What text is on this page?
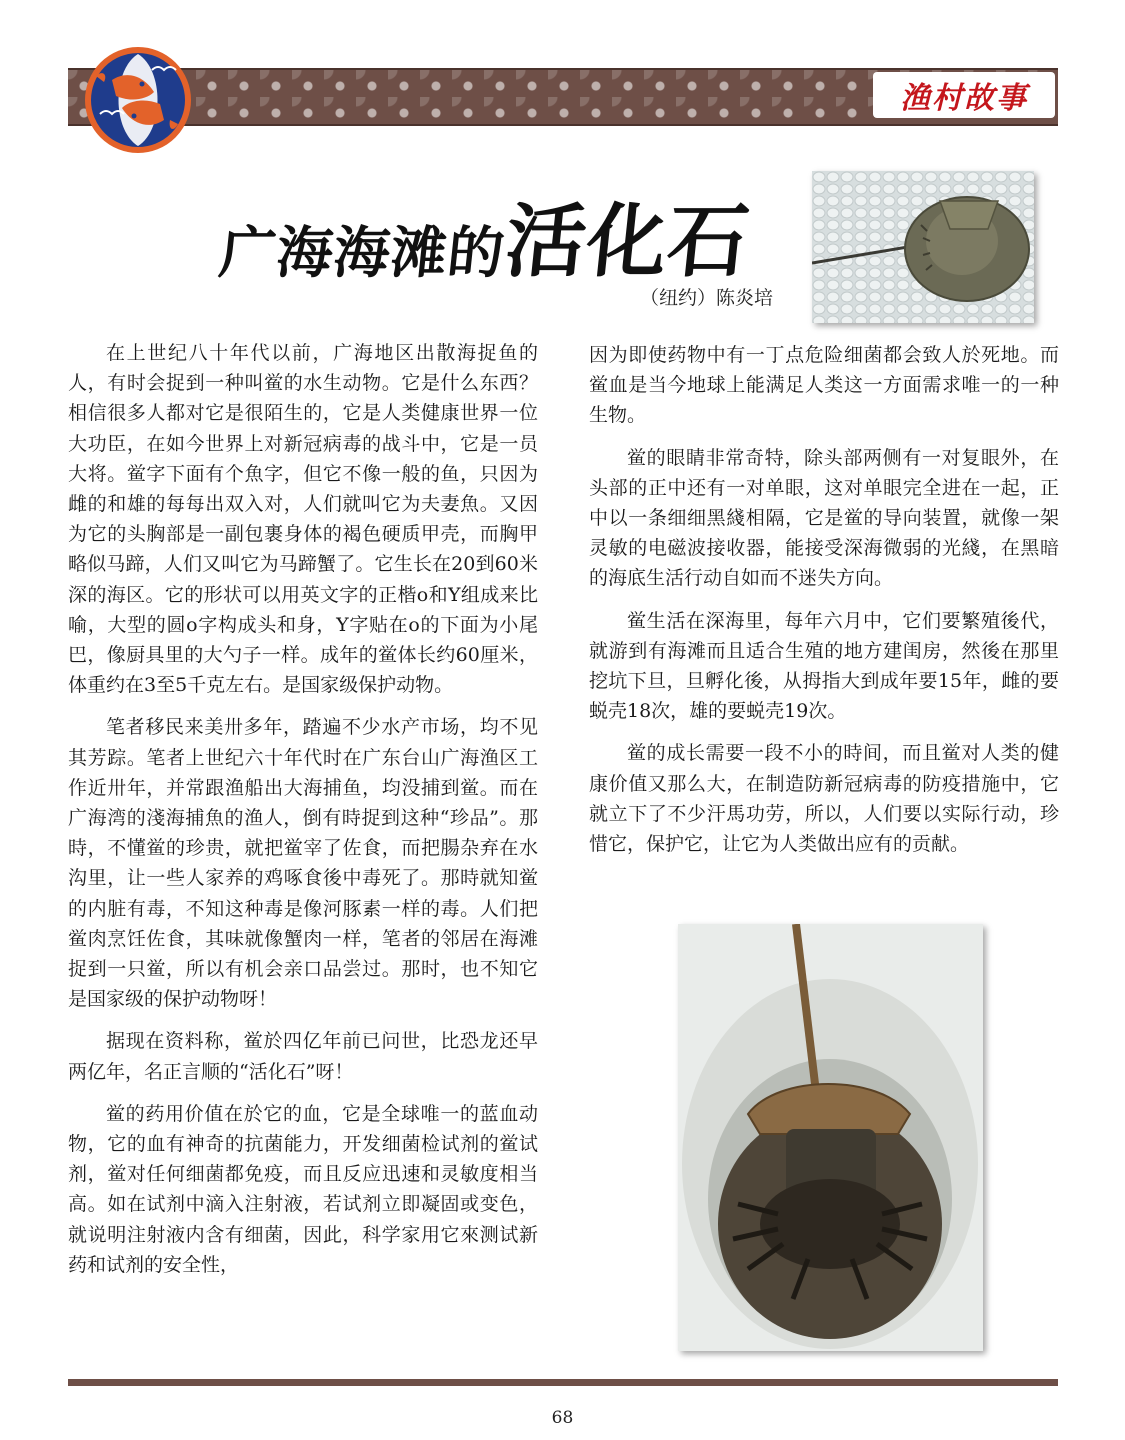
渔村故事
广海海滩的
活化石
（纽约）陈炎培

在上世纪八十年代以前，广海地区出散海捉鱼的人，有时会捉到一种叫鲎的水生动物。它是什么东西？相信很多人都对它是很陌生的，它是人类健康世界一位大功臣，在如今世界上对新冠病毒的战斗中，它是一员大将。鲎字下面有个魚字，但它不像一般的鱼，只因为雌的和雄的每每出双入对，人们就叫它为夫妻魚。又因为它的头胸部是一副包裹身体的褐色硬质甲壳，而胸甲略似马蹄，人们又叫它为马蹄蟹了。它生长在20到60米深的海区。它的形状可以用英文字的正楷o和Y组成来比喻，大型的圆o字构成头和身，Y字贴在o的下面为小尾巴，像厨具里的大勺子一样。成年的鲎体长约60厘米，体重约在3至5千克左右。是国家级保护动物。

笔者移民来美卅多年，踏遍不少水产市场，均不见其芳踪。笔者上世纪六十年代时在广东台山广海渔区工作近卅年，并常跟渔船出大海捕鱼，均没捕到鲎。而在广海湾的淺海捕魚的渔人，倒有時捉到这种“珍品”。那時，不懂鲎的珍贵，就把鲎宰了佐食，而把腸杂弃在水沟里，让一些人家养的鸡啄食後中毒死了。那時就知鲎的内脏有毒，不知这种毒是像河豚素一样的毒。人们把鲎肉烹饪佐食，其味就像蟹肉一样，笔者的邻居在海滩捉到一只鲎，所以有机会亲口品尝过。那时，也不知它是国家级的保护动物呀！

据现在资料称，鲎於四亿年前已问世，比恐龙还早两亿年，名正言顺的“活化石”呀！

鲎的药用价值在於它的血，它是全球唯一的蓝血动物，它的血有神奇的抗菌能力，开发细菌检试剂的鲎试剂，鲎对任何细菌都免疫，而且反应迅速和灵敏度相当高。如在试剂中滴入注射液，若试剂立即凝固或变色，就说明注射液内含有细菌，因此，科学家用它來测试新药和试剂的安全性，

因为即使药物中有一丁点危险细菌都会致人於死地。而鲎血是当今地球上能满足人类这一方面需求唯一的一种生物。

鲎的眼睛非常奇特，除头部两侧有一对复眼外，在头部的正中还有一对单眼，这对单眼完全进在一起，正中以一条细细黑綫相隔，它是鲎的导向装置，就像一架灵敏的电磁波接收器，能接受深海微弱的光綫，在黑暗的海底生活行动自如而不迷失方向。

鲎生活在深海里，每年六月中，它们要繁殖後代，就游到有海滩而且适合生殖的地方建闺房，然後在那里挖坑下旦，旦孵化後，从拇指大到成年要15年，雌的要蜕壳18次，雄的要蜕壳19次。

鲎的成长需要一段不小的時间，而且鲎对人类的健康价值又那么大，在制造防新冠病毒的防疫措施中，它就立下了不少汗馬功劳，所以，人们要以实际行动，珍惜它，保护它，让它为人类做出应有的贡献。

68
